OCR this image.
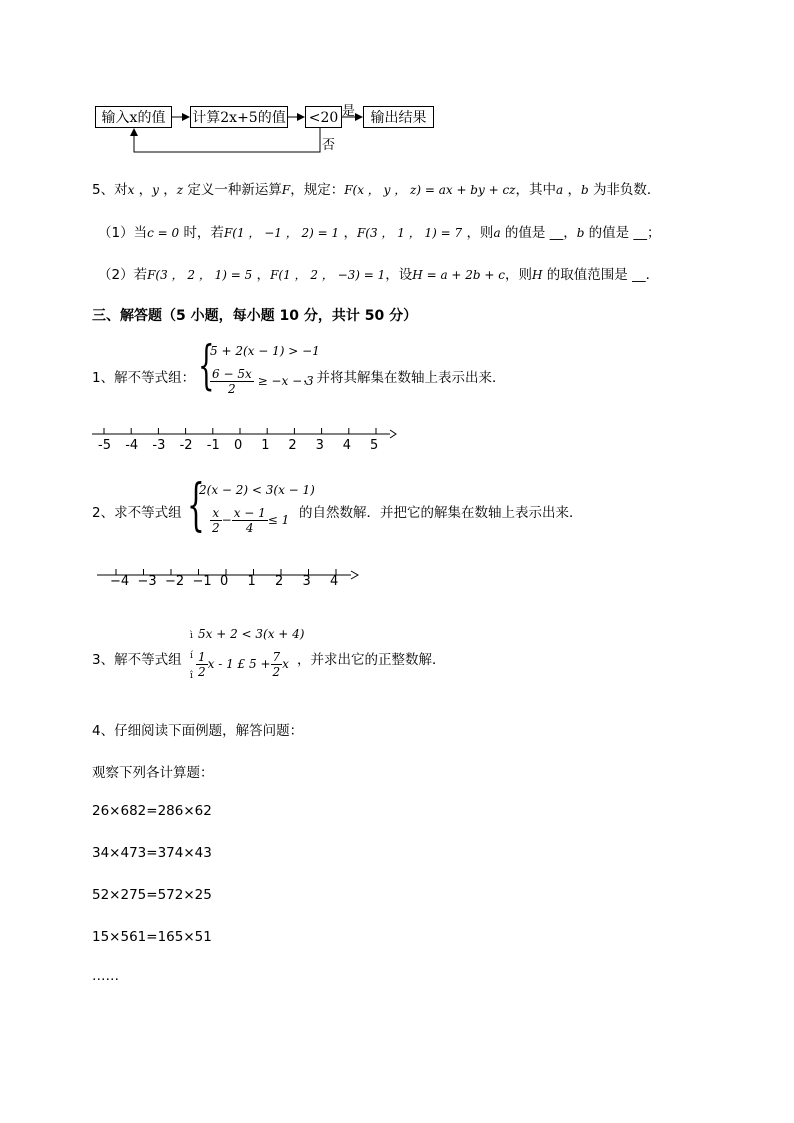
输入x的值	计算2x+5的值 <20	输出结果
是
否
5、对x ，y ，z 定义一种新运算F，规定：F(x ， y ， z) = ax + by + cz，其中a ，b 为非负数．
（1）当c = 0 时，若F(1 ， −1 ， 2) = 1 ，F(3 ， 1 ， 1) = 7 ，则a 的值是 __，b 的值是 __；
（2）若F(3 ， 2 ， 1) = 5 ，F(1 ， 2 ， −3) = 1，设H = a + 2b + c，则H 的取值范围是 __．
三、解答题（5 小题，每小题 10 分，共计 50 分）
1、解不等式组： {
5 + 2(x − 1) > −1
$\frac{6 - 5x}{2} \ge -x - 3$
，并将其解集在数轴上表示出来．
-5 -4 -3 -2 -1 0 1 2 3 4 5
2、求不等式组 {
2(x − 2) < 3(x − 1)
$\frac{x}{2} - \frac{x - 1}{4} \le 1$ 的自然数解．并把它的解集在数轴上表示出来．
−4 −3 −2 −1 0 1 2 3 4
3、解不等式组
ì
í
î
5x + 2 < 3(x + 4)
$\frac{1}{2}$ x - 1 £ $5 + \frac{7}{2}$ x ，并求出它的正整数解．
4、仔细阅读下面例题，解答问题：
观察下列各计算题：
26×682=286×62
34×473=374×43
52×275=572×25
15×561=165×51
……
